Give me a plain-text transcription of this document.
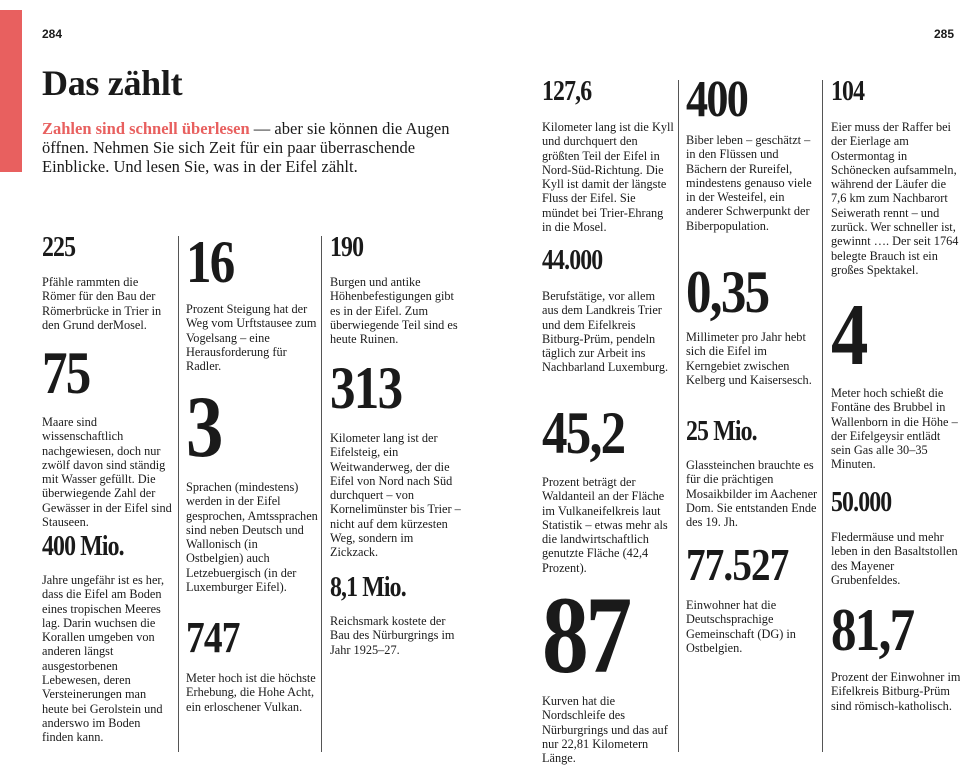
284	285
Das zählt

Zahlen sind schnell überlesen — aber sie können die Augen öffnen. Nehmen Sie sich Zeit für ein paar überraschende Einblicke. Und lesen Sie, was in der Eifel zählt.

225

Pfähle rammten die Römer für den Bau der Römerbrücke in Trier in den Grund derMosel.

75

Maare sind wissenschaftlich nachgewiesen, doch nur zwölf davon sind ständig mit Wasser gefüllt. Die überwiegende Zahl der Gewässer in der Eifel sind Stauseen.

400 Mio.

Jahre ungefähr ist es her, dass die Eifel am Boden eines tropischen Meeres lag. Darin wuchsen die Korallen umgeben von anderen längst ausgestorbenen Lebewesen, deren Versteinerungen man heute bei Gerolstein und anderswo im Boden finden kann.

16

Prozent Steigung hat der Weg vom Urftstausee zum Vogelsang – eine Herausforderung für Radler.

3

Sprachen (mindestens) werden in der Eifel gesprochen, Amtssprachen sind neben Deutsch und Wallonisch (in Ostbelgien) auch Letzebuergisch (in der Luxemburger Eifel).

747

Meter hoch ist die höchste Erhebung, die Hohe Acht, ein erloschener Vulkan.

190

Burgen und antike Höhenbefestigungen gibt es in der Eifel. Zum überwiegende Teil sind es heute Ruinen.

313

Kilometer lang ist der Eifelsteig, ein Weitwanderweg, der die Eifel von Nord nach Süd durchquert – von Kornelimünster bis Trier – nicht auf dem kürzesten Weg, sondern im Zickzack.

8,1 Mio.

Reichsmark kostete der Bau des Nürburgrings im Jahr 1925–27.

127,6

Kilometer lang ist die Kyll und durchquert den größten Teil der Eifel in Nord-Süd-Richtung. Die Kyll ist damit der längste Fluss der Eifel. Sie mündet bei Trier-Ehrang in die Mosel.

44.000

Berufstätige, vor allem aus dem Landkreis Trier und dem Eifelkreis Bitburg-Prüm, pendeln täglich zur Arbeit ins Nachbarland Luxemburg.

45,2

Prozent beträgt der Waldanteil an der Fläche im Vulkaneifelkreis laut Statistik – etwas mehr als die landwirtschaftlich genutzte Fläche (42,4 Prozent).

87

Kurven hat die Nordschleife des Nürburgrings und das auf nur 22,81 Kilometern Länge.

400

Biber leben – geschätzt – in den Flüssen und Bächern der Rureifel, mindestens genauso viele in der Westeifel, ein anderer Schwerpunkt der Biberpopulation.

0,35

Millimeter pro Jahr hebt sich die Eifel im Kerngebiet zwischen Kelberg und Kaisersesch.

25 Mio.

Glassteinchen brauchte es für die prächtigen Mosaikbilder im Aachener Dom. Sie entstanden Ende des 19. Jh.

77.527

Einwohner hat die Deutschsprachige Gemeinschaft (DG) in Ostbelgien.

104

Eier muss der Raffer bei der Eierlage am Ostermontag in Schönecken aufsammeln, während der Läufer die 7,6 km zum Nachbarort Seiwerath rennt – und zurück. Wer schneller ist, gewinnt …. Der seit 1764 belegte Brauch ist ein großes Spektakel.

4

Meter hoch schießt die Fontäne des Brubbel in Wallenborn in die Höhe – der Eifelgeysir entlädt sein Gas alle 30–35 Minuten.

50.000

Fledermäuse und mehr leben in den Basaltstollen des Mayener Grubenfeldes.

81,7

Prozent der Einwohner im Eifelkreis Bitburg-Prüm sind römisch-katholisch.
